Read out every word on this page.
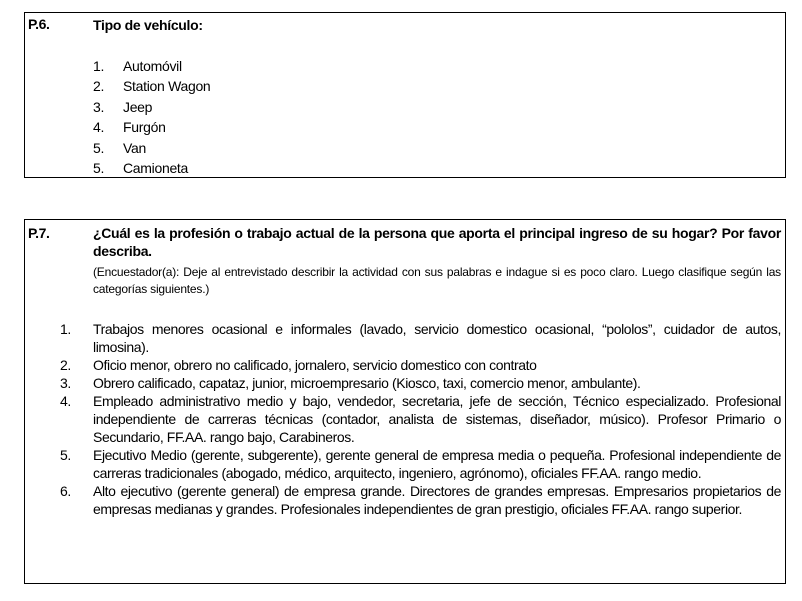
P.6.	Tipo de vehículo:
1. Automóvil
2. Station Wagon
3. Jeep
4. Furgón
5. Van
5. Camioneta
P.7.	¿Cuál es la profesión o trabajo actual de la persona que aporta el principal ingreso de su hogar? Por favor describa.
(Encuestador(a): Deje al entrevistado describir la actividad con sus palabras e indague si es poco claro. Luego clasifique según las categorías siguientes.)
1. Trabajos menores ocasional e informales (lavado, servicio domestico ocasional, “pololos”, cuidador de autos, limosina).
2. Oficio menor, obrero no calificado, jornalero, servicio domestico con contrato
3. Obrero calificado, capataz, junior, microempresario (Kiosco, taxi, comercio menor, ambulante).
4. Empleado administrativo medio y bajo, vendedor, secretaria, jefe de sección, Técnico especializado. Profesional independiente de carreras técnicas (contador, analista de sistemas, diseñador, músico). Profesor Primario o Secundario, FF.AA. rango bajo, Carabineros.
5. Ejecutivo Medio (gerente, subgerente), gerente general de empresa media o pequeña. Profesional independiente de carreras tradicionales (abogado, médico, arquitecto, ingeniero, agrónomo), oficiales FF.AA. rango medio.
6. Alto ejecutivo (gerente general) de empresa grande. Directores de grandes empresas. Empresarios propietarios de empresas medianas y grandes. Profesionales independientes de gran prestigio, oficiales FF.AA. rango superior.
